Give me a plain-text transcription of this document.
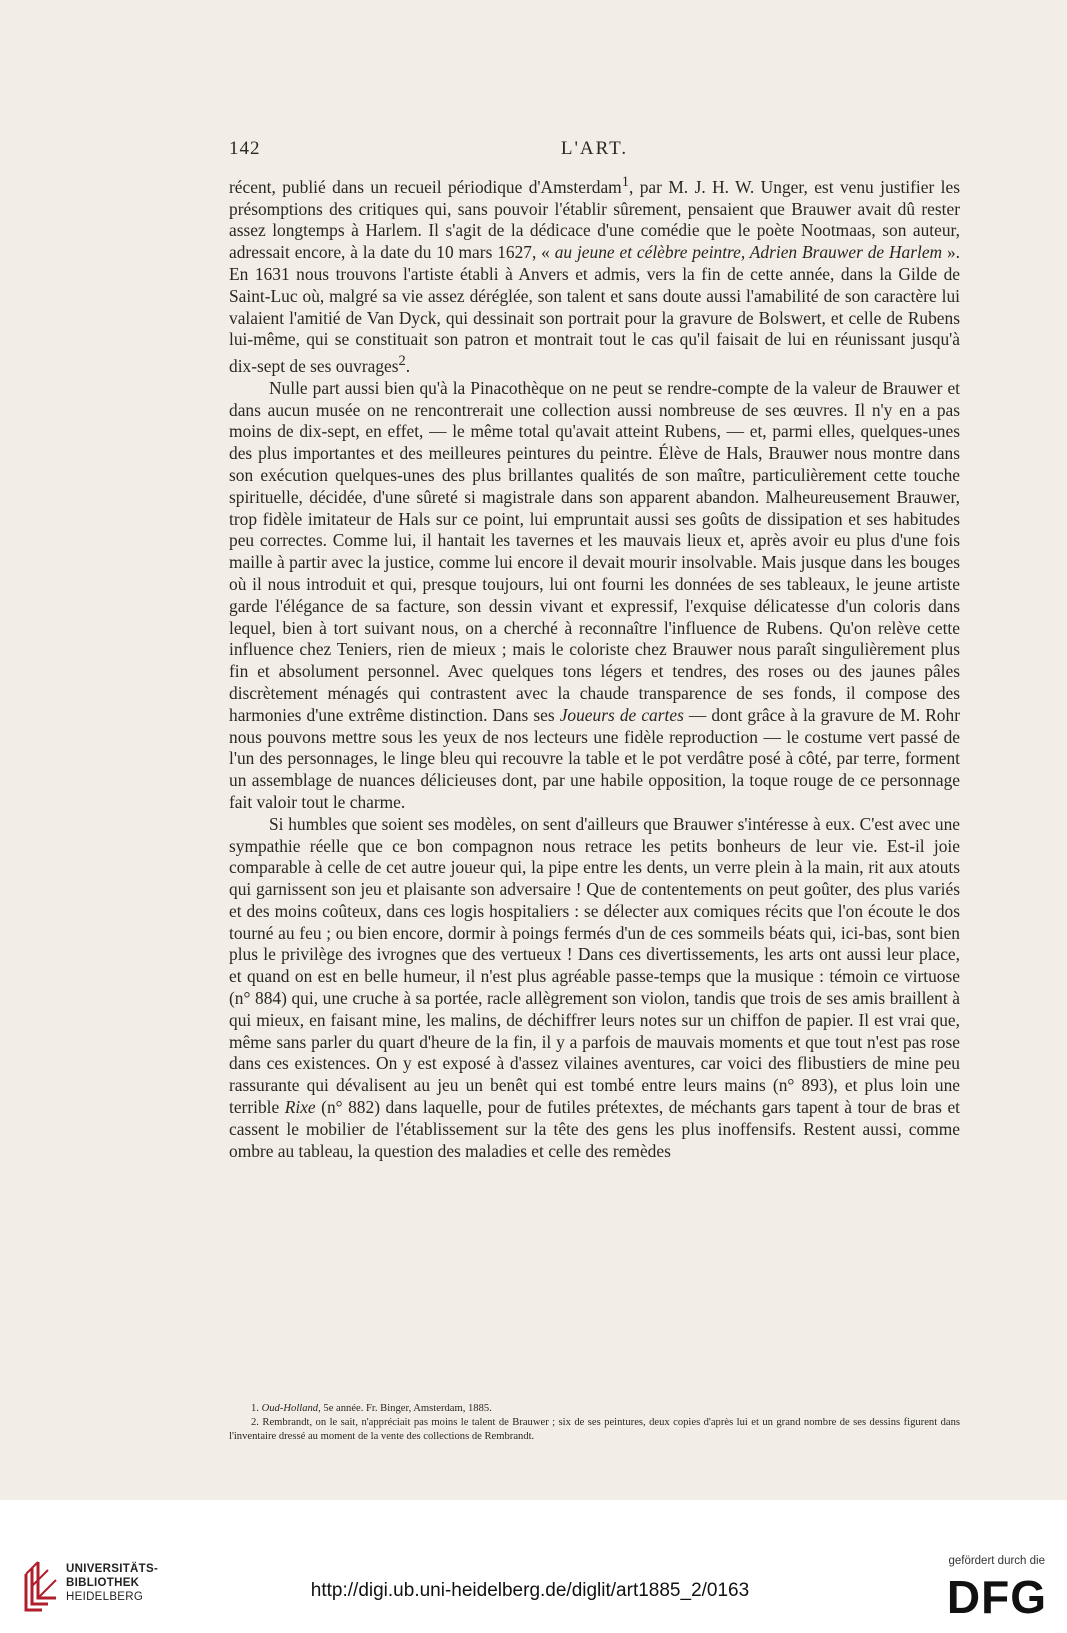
142	L'ART.

récent, publié dans un recueil périodique d'Amsterdam$^1$, par M. J. H. W. Unger, est venu justifier les présomptions des critiques qui, sans pouvoir l'établir sûrement, pensaient que Brauwer avait dû rester assez longtemps à Harlem. Il s'agit de la dédicace d'une comédie que le poète Nootmaas, son auteur, adressait encore, à la date du 10 mars 1627, « au jeune et célèbre peintre, Adrien Brauwer de Harlem ». En 1631 nous trouvons l'artiste établi à Anvers et admis, vers la fin de cette année, dans la Gilde de Saint-Luc où, malgré sa vie assez déréglée, son talent et sans doute aussi l'amabilité de son caractère lui valaient l'amitié de Van Dyck, qui dessinait son portrait pour la gravure de Bolswert, et celle de Rubens lui-même, qui se constituait son patron et montrait tout le cas qu'il faisait de lui en réunissant jusqu'à dix-sept de ses ouvrages$^2$.

Nulle part aussi bien qu'à la Pinacothèque on ne peut se rendre-compte de la valeur de Brauwer et dans aucun musée on ne rencontrerait une collection aussi nombreuse de ses œuvres. Il n'y en a pas moins de dix-sept, en effet, — le même total qu'avait atteint Rubens, — et, parmi elles, quelques-unes des plus importantes et des meilleures peintures du peintre. Élève de Hals, Brauwer nous montre dans son exécution quelques-unes des plus brillantes qualités de son maître, particulièrement cette touche spirituelle, décidée, d'une sûreté si magistrale dans son apparent abandon. Malheureusement Brauwer, trop fidèle imitateur de Hals sur ce point, lui empruntait aussi ses goûts de dissipation et ses habitudes peu correctes. Comme lui, il hantait les tavernes et les mauvais lieux et, après avoir eu plus d'une fois maille à partir avec la justice, comme lui encore il devait mourir insolvable. Mais jusque dans les bouges où il nous introduit et qui, presque toujours, lui ont fourni les données de ses tableaux, le jeune artiste garde l'élégance de sa facture, son dessin vivant et expressif, l'exquise délicatesse d'un coloris dans lequel, bien à tort suivant nous, on a cherché à reconnaître l'influence de Rubens. Qu'on relève cette influence chez Teniers, rien de mieux ; mais le coloriste chez Brauwer nous paraît singulièrement plus fin et absolument personnel. Avec quelques tons légers et tendres, des roses ou des jaunes pâles discrètement ménagés qui contrastent avec la chaude transparence de ses fonds, il compose des harmonies d'une extrême distinction. Dans ses Joueurs de cartes — dont grâce à la gravure de M. Rohr nous pouvons mettre sous les yeux de nos lecteurs une fidèle reproduction — le costume vert passé de l'un des personnages, le linge bleu qui recouvre la table et le pot verdâtre posé à côté, par terre, forment un assemblage de nuances délicieuses dont, par une habile opposition, la toque rouge de ce personnage fait valoir tout le charme.

Si humbles que soient ses modèles, on sent d'ailleurs que Brauwer s'intéresse à eux. C'est avec une sympathie réelle que ce bon compagnon nous retrace les petits bonheurs de leur vie. Est-il joie comparable à celle de cet autre joueur qui, la pipe entre les dents, un verre plein à la main, rit aux atouts qui garnissent son jeu et plaisante son adversaire ! Que de contentements on peut goûter, des plus variés et des moins coûteux, dans ces logis hospitaliers : se délecter aux comiques récits que l'on écoute le dos tourné au feu ; ou bien encore, dormir à poings fermés d'un de ces sommeils béats qui, ici-bas, sont bien plus le privilège des ivrognes que des vertueux ! Dans ces divertissements, les arts ont aussi leur place, et quand on est en belle humeur, il n'est plus agréable passe-temps que la musique : témoin ce virtuose (n° 884) qui, une cruche à sa portée, racle allègrement son violon, tandis que trois de ses amis braillent à qui mieux, en faisant mine, les malins, de déchiffrer leurs notes sur un chiffon de papier. Il est vrai que, même sans parler du quart d'heure de la fin, il y a parfois de mauvais moments et que tout n'est pas rose dans ces existences. On y est exposé à d'assez vilaines aventures, car voici des flibustiers de mine peu rassurante qui dévalisent au jeu un benêt qui est tombé entre leurs mains (n° 893), et plus loin une terrible Rixe (n° 882) dans laquelle, pour de futiles prétextes, de méchants gars tapent à tour de bras et cassent le mobilier de l'établissement sur la tête des gens les plus inoffensifs. Restent aussi, comme ombre au tableau, la question des maladies et celle des remèdes

1. Oud-Holland, 5e année. Fr. Binger, Amsterdam, 1885.

2. Rembrandt, on le sait, n'appréciait pas moins le talent de Brauwer ; six de ses peintures, deux copies d'après lui et un grand nombre de ses dessins figurent dans l'inventaire dressé au moment de la vente des collections de Rembrandt.

UNIVERSITÄTS-
BIBLIOTHEK
HEIDELBERG
gefördert durch die
DFG
http://digi.ub.uni-heidelberg.de/diglit/art1885_2/0163
